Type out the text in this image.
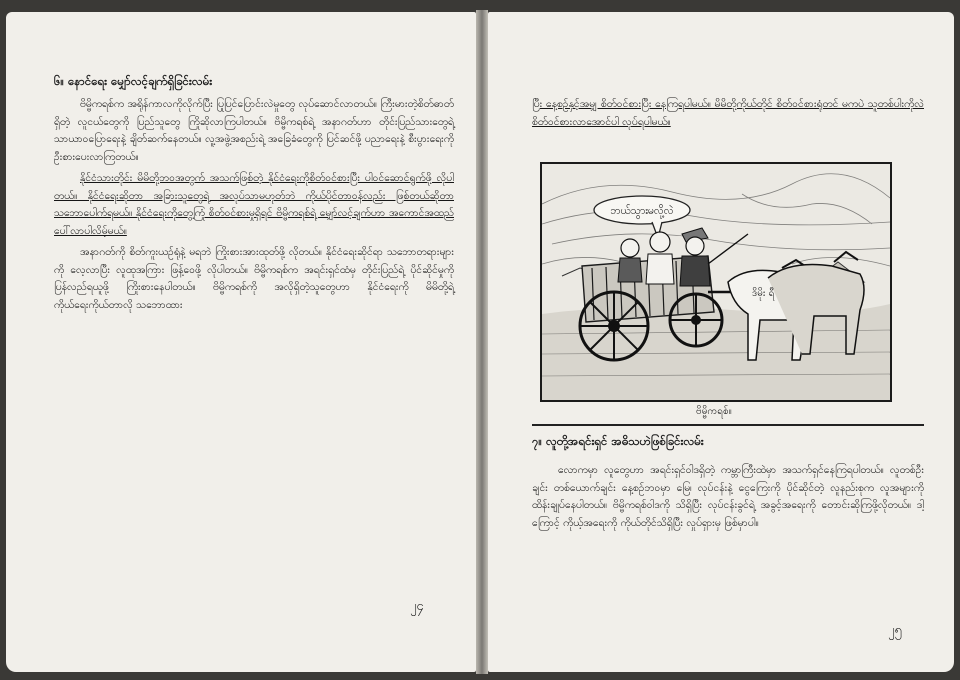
၆။ နောင်ရေး မျှော်လင့်ချက်ရှိခြင်းလမ်း

ဗိမ္ဗိကရစ်က အရိုန်ကာလကိုလိုက်ပြီး ပြုပြင်ပြောင်းလဲမှုတွေ လုပ်ဆောင်လာတယ်။ ကြီးမားတဲ့စိတ်ဓာတ်ရှိတဲ့ လူငယ်တွေကို ပြည်သူတွေ ကြိုဆိုလာကြပါတယ်။ ဗိမ္ဗိကရစ်ရဲ့ အနာဂတ်ဟာ တိုင်းပြည်သားတွေရဲ့ သာယာဝပြောရေးနဲ့ ချိတ်ဆက်နေတယ်။ လူ့အဖွဲ့အစည်းရဲ့ အခြေခံတွေကို ပြင်ဆင်ဖို့ ပညာရေးနဲ့ စီးပွားရေးကို ဦးစားပေးလာကြတယ်။

နိုင်ငံသားတိုင်း မိမိတို့ဘဝအတွက် အသက်ဖြစ်တဲ့ နိုင်ငံရေးကိုစိတ်ဝင်စားပြီး ပါဝင်ဆောင်ရွက်ဖို့ လိုပါတယ်။ နိုင်ငံရေးဆိုတာ အခြားသူတွေရဲ့ အလုပ်သာမဟုတ်ဘဲ ကိုယ်ပိုင်တာဝန်လည်း ဖြစ်တယ်ဆိုတာ သဘောပေါက်ရမယ်။ နိုင်ငံရေးကိုတွေ့ကြုံ စိတ်ဝင်စားမှုရှိရင် ဗိမ္ဗိကရစ်ရဲ့ မျှော်လင့်ချက်ဟာ အကောင်အထည်ပေါ်လာပါလိမ့်မယ်။

အနာဂတ်ကို စိတ်ကူးယဉ်ရုံနဲ့ မရဘဲ ကြိုးစားအားထုတ်ဖို့ လိုတယ်။ နိုင်ငံရေးဆိုင်ရာ သဘောတရားများကို လေ့လာပြီး လူထုအကြား ဖြန့်ဝေဖို့ လိုပါတယ်။ ဗိမ္ဗိကရစ်က အရင်းရှင်ထံမှ တိုင်းပြည်ရဲ့ ပိုင်ဆိုင်မှုကို ပြန်လည်ရယူဖို့ ကြိုးစားနေပါတယ်။ ဗိမ္ဗိကရစ်ကို အလိုရှိတဲ့သူတွေဟာ နိုင်ငံရေးကို မိမိတို့ရဲ့ ကိုယ်ရေးကိုယ်တာလို သဘောထား

၂၄

ပြီး နေ့စဉ်နှင့်အမျှ စိတ်ဝင်စားပြီး နေကြရပါမယ်။ မိမိတို့ကိုယ်တိုင် စိတ်ဝင်စားရုံတင် မကပဲ သူတစ်ပါးကိုလဲ စိတ်ဝင်စားလာအောင်ပါ လုပ်ရပါမယ်။

ဘယ်သွားမလို့လဲ
ဒိမိုး ရီ
ဗိမ္ဗိကရစ်။
၇။ လူတို့အရင်းရှင် အဓိသဟဲဖြစ်ခြင်းလမ်း

လောကမှာ လူတွေဟာ အရင်းရှင်ဝါဒရှိတဲ့ ကမ္ဘာကြီးထဲမှာ အသက်ရှင်နေကြရပါတယ်။ လူတစ်ဦးချင်း တစ်ယောက်ချင်း နေ့စဉ်ဘဝမှာ မြေ၊ လုပ်ငန်းနဲ့ ငွေကြေးကို ပိုင်ဆိုင်တဲ့ လူနည်းစုက လူအများကို ထိန်းချုပ်နေပါတယ်။ ဗိမ္ဗိကရစ်ဝါဒကို သိရှိပြီး လုပ်ငန်းခွင်ရဲ့ အခွင့်အရေးကို တောင်းဆိုကြဖို့လိုတယ်။ ဒါ့ကြောင့် ကိုယ့်အရေးကို ကိုယ်တိုင်သိရှိပြီး လှုပ်ရှားမှ ဖြစ်မှာပါ။

၂၅
